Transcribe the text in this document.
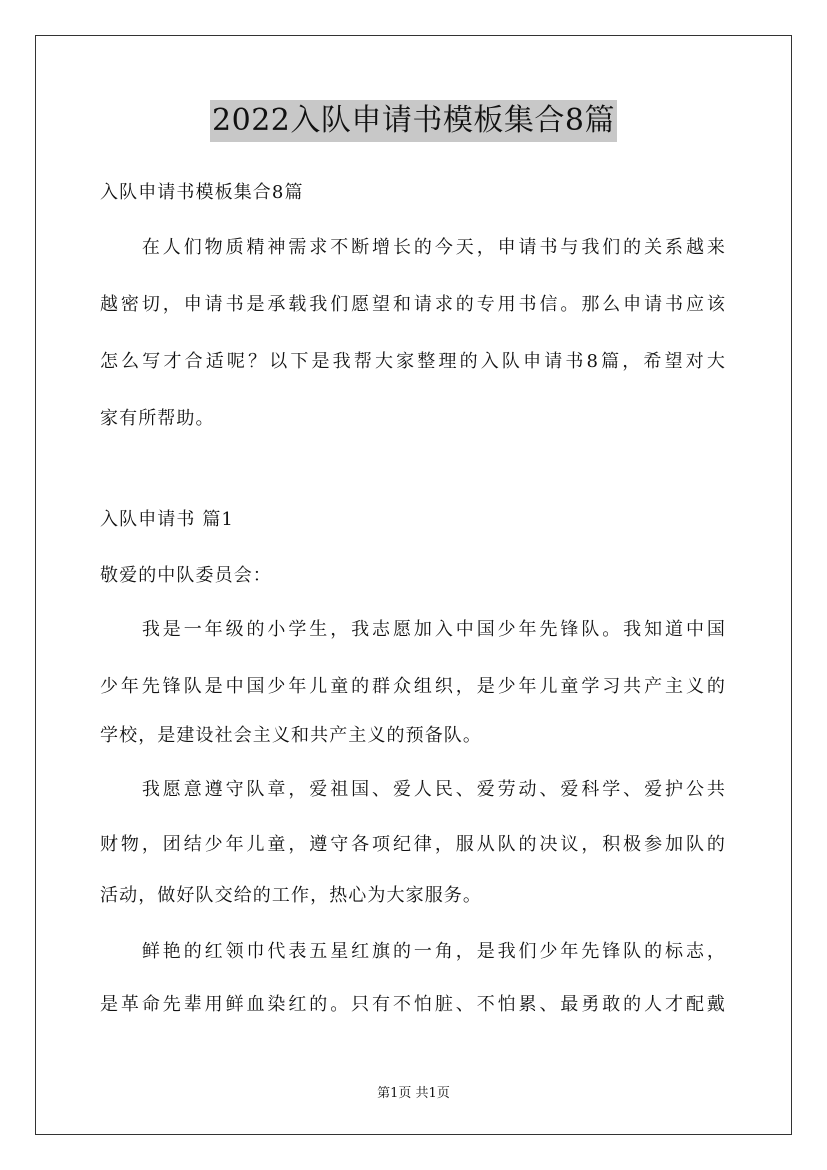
2022入队申请书模板集合8篇
入队申请书模板集合8篇
　　在人们物质精神需求不断增长的今天，申请书与我们的关系越来
越密切，申请书是承载我们愿望和请求的专用书信。那么申请书应该
怎么写才合适呢？以下是我帮大家整理的入队申请书8篇，希望对大
家有所帮助。
入队申请书 篇1
敬爱的中队委员会：
　　我是一年级的小学生，我志愿加入中国少年先锋队。我知道中国
少年先锋队是中国少年儿童的群众组织，是少年儿童学习共产主义的
学校，是建设社会主义和共产主义的预备队。
　　我愿意遵守队章，爱祖国、爱人民、爱劳动、爱科学、爱护公共
财物，团结少年儿童，遵守各项纪律，服从队的决议，积极参加队的
活动，做好队交给的工作，热心为大家服务。
　　鲜艳的红领巾代表五星红旗的一角，是我们少年先锋队的标志，
是革命先辈用鲜血染红的。只有不怕脏、不怕累、最勇敢的人才配戴
第1页 共1页
